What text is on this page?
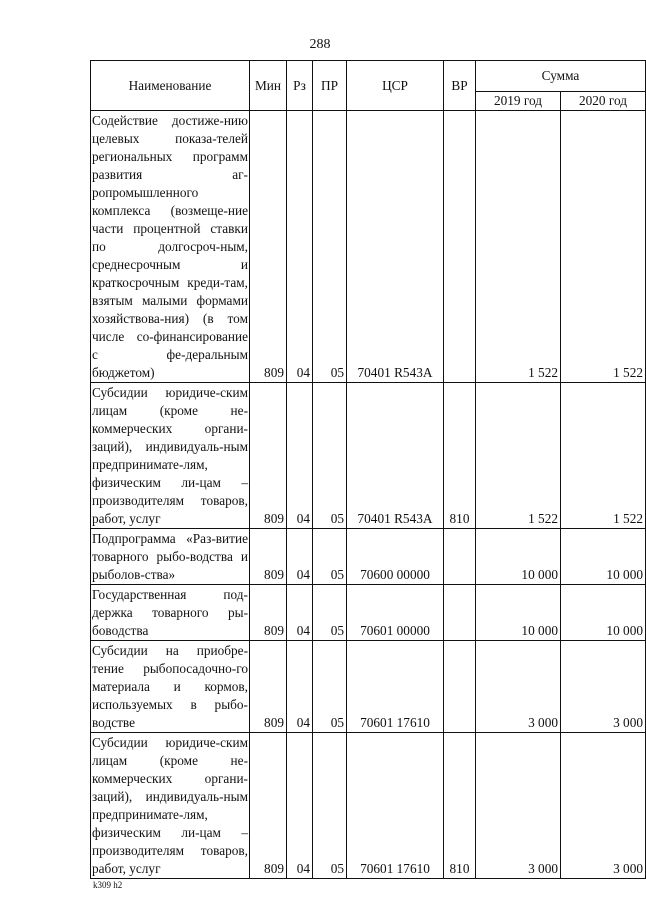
288
Наименование	Мин	Рз	ПР	ЦСР	ВР	Сумма	
						2019 год	2020 год
Содействие достиже-нию целевых показа-телей региональных программ развития аг-ропромышленного комплекса (возмеще-ние части процентной ставки по долгосроч-ным, среднесрочным и краткосрочным креди-там, взятым малыми формами хозяйствова-ния) (в том числе со-финансирование с фе-деральным бюджетом)	809	04	05	70401 R543А		1 522	1 522
Субсидии юридиче-ским лицам (кроме не-коммерческих органи-заций), индивидуаль-ным предпринимате-лям, физическим ли-цам – производителям товаров, работ, услуг	809	04	05	70401 R543А	810	1 522	1 522
Подпрограмма «Раз-витие товарного рыбо-водства и рыболов-ства»	809	04	05	70600 00000		10 000	10 000
Государственная под-держка товарного ры-боводства	809	04	05	70601 00000		10 000	10 000
Субсидии на приобре-тение рыбопосадочно-го материала и кормов, используемых в рыбо-водстве	809	04	05	70601 17610		3 000	3 000
Субсидии юридиче-ским лицам (кроме не-коммерческих органи-заций), индивидуаль-ным предпринимате-лям, физическим ли-цам – производителям товаров, работ, услуг	809	04	05	70601 17610	810	3 000	3 000
k309 h2
